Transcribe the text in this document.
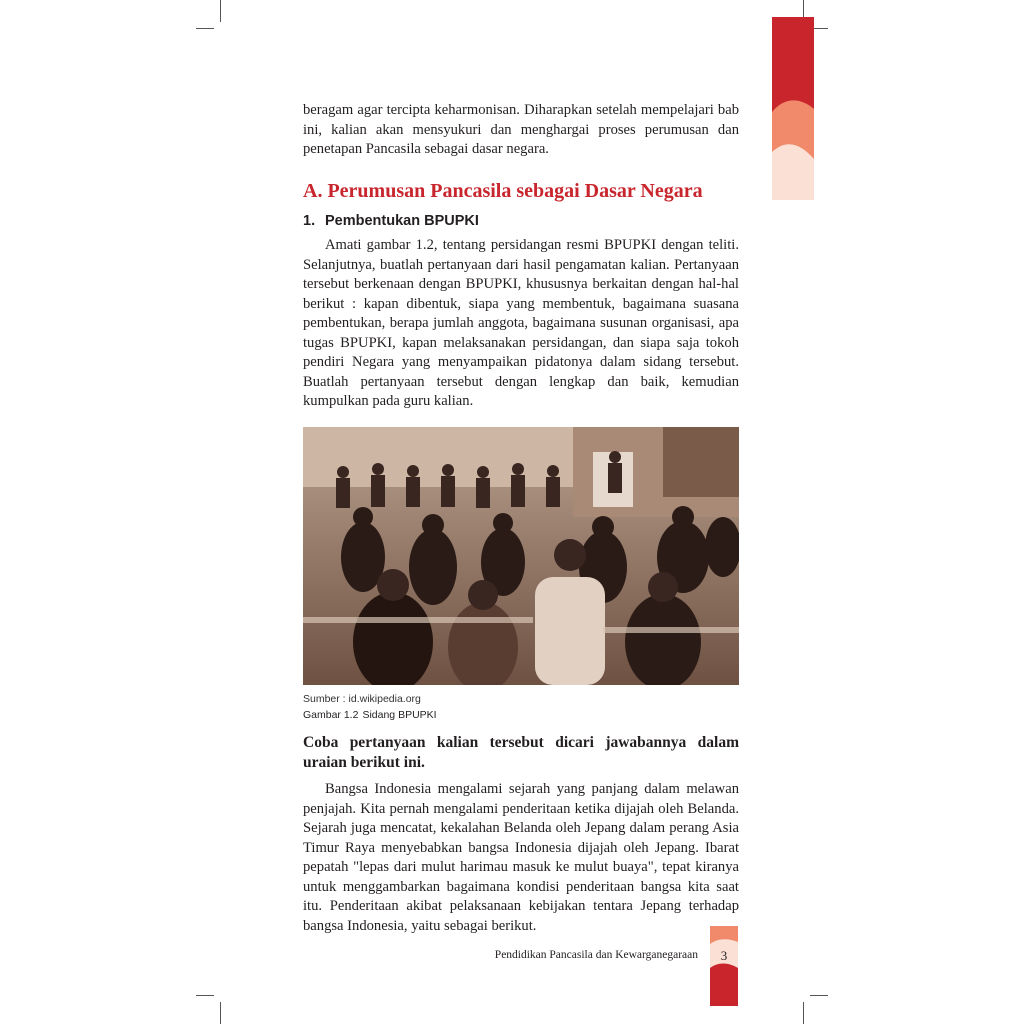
beragam agar tercipta keharmonisan. Diharapkan setelah mempelajari bab ini, kalian akan mensyukuri dan menghargai proses perumusan dan penetapan Pancasila sebagai dasar negara.

A. Perumusan Pancasila sebagai Dasar Negara
1. Pembentukan BPUPKI

Amati gambar 1.2, tentang persidangan resmi BPUPKI dengan teliti. Selanjutnya, buatlah pertanyaan dari hasil pengamatan kalian. Pertanyaan tersebut berkenaan dengan BPUPKI, khususnya berkaitan dengan hal-hal berikut : kapan dibentuk, siapa yang membentuk, bagaimana suasana pembentukan, berapa jumlah anggota, bagaimana susunan organisasi, apa tugas BPUPKI, kapan melaksanakan persidangan, dan siapa saja tokoh pendiri Negara yang menyampaikan pidatonya dalam sidang tersebut. Buatlah pertanyaan tersebut dengan lengkap dan baik, kemudian kumpulkan pada guru kalian.

Sumber : id.wikipedia.org

Gambar 1.2 Sidang BPUPKI

Coba pertanyaan kalian tersebut dicari jawabannya dalam uraian berikut ini.

Bangsa Indonesia mengalami sejarah yang panjang dalam melawan penjajah. Kita pernah mengalami penderitaan ketika dijajah oleh Belanda. Sejarah juga mencatat, kekalahan Belanda oleh Jepang dalam perang Asia Timur Raya menyebabkan bangsa Indonesia dijajah oleh Jepang. Ibarat pepatah "lepas dari mulut harimau masuk ke mulut buaya", tepat kiranya untuk menggambarkan bagaimana kondisi penderitaan bangsa kita saat itu. Penderitaan akibat pelaksanaan kebijakan tentara Jepang terhadap bangsa Indonesia, yaitu sebagai berikut.

Pendidikan Pancasila dan Kewarganegaraan	3
